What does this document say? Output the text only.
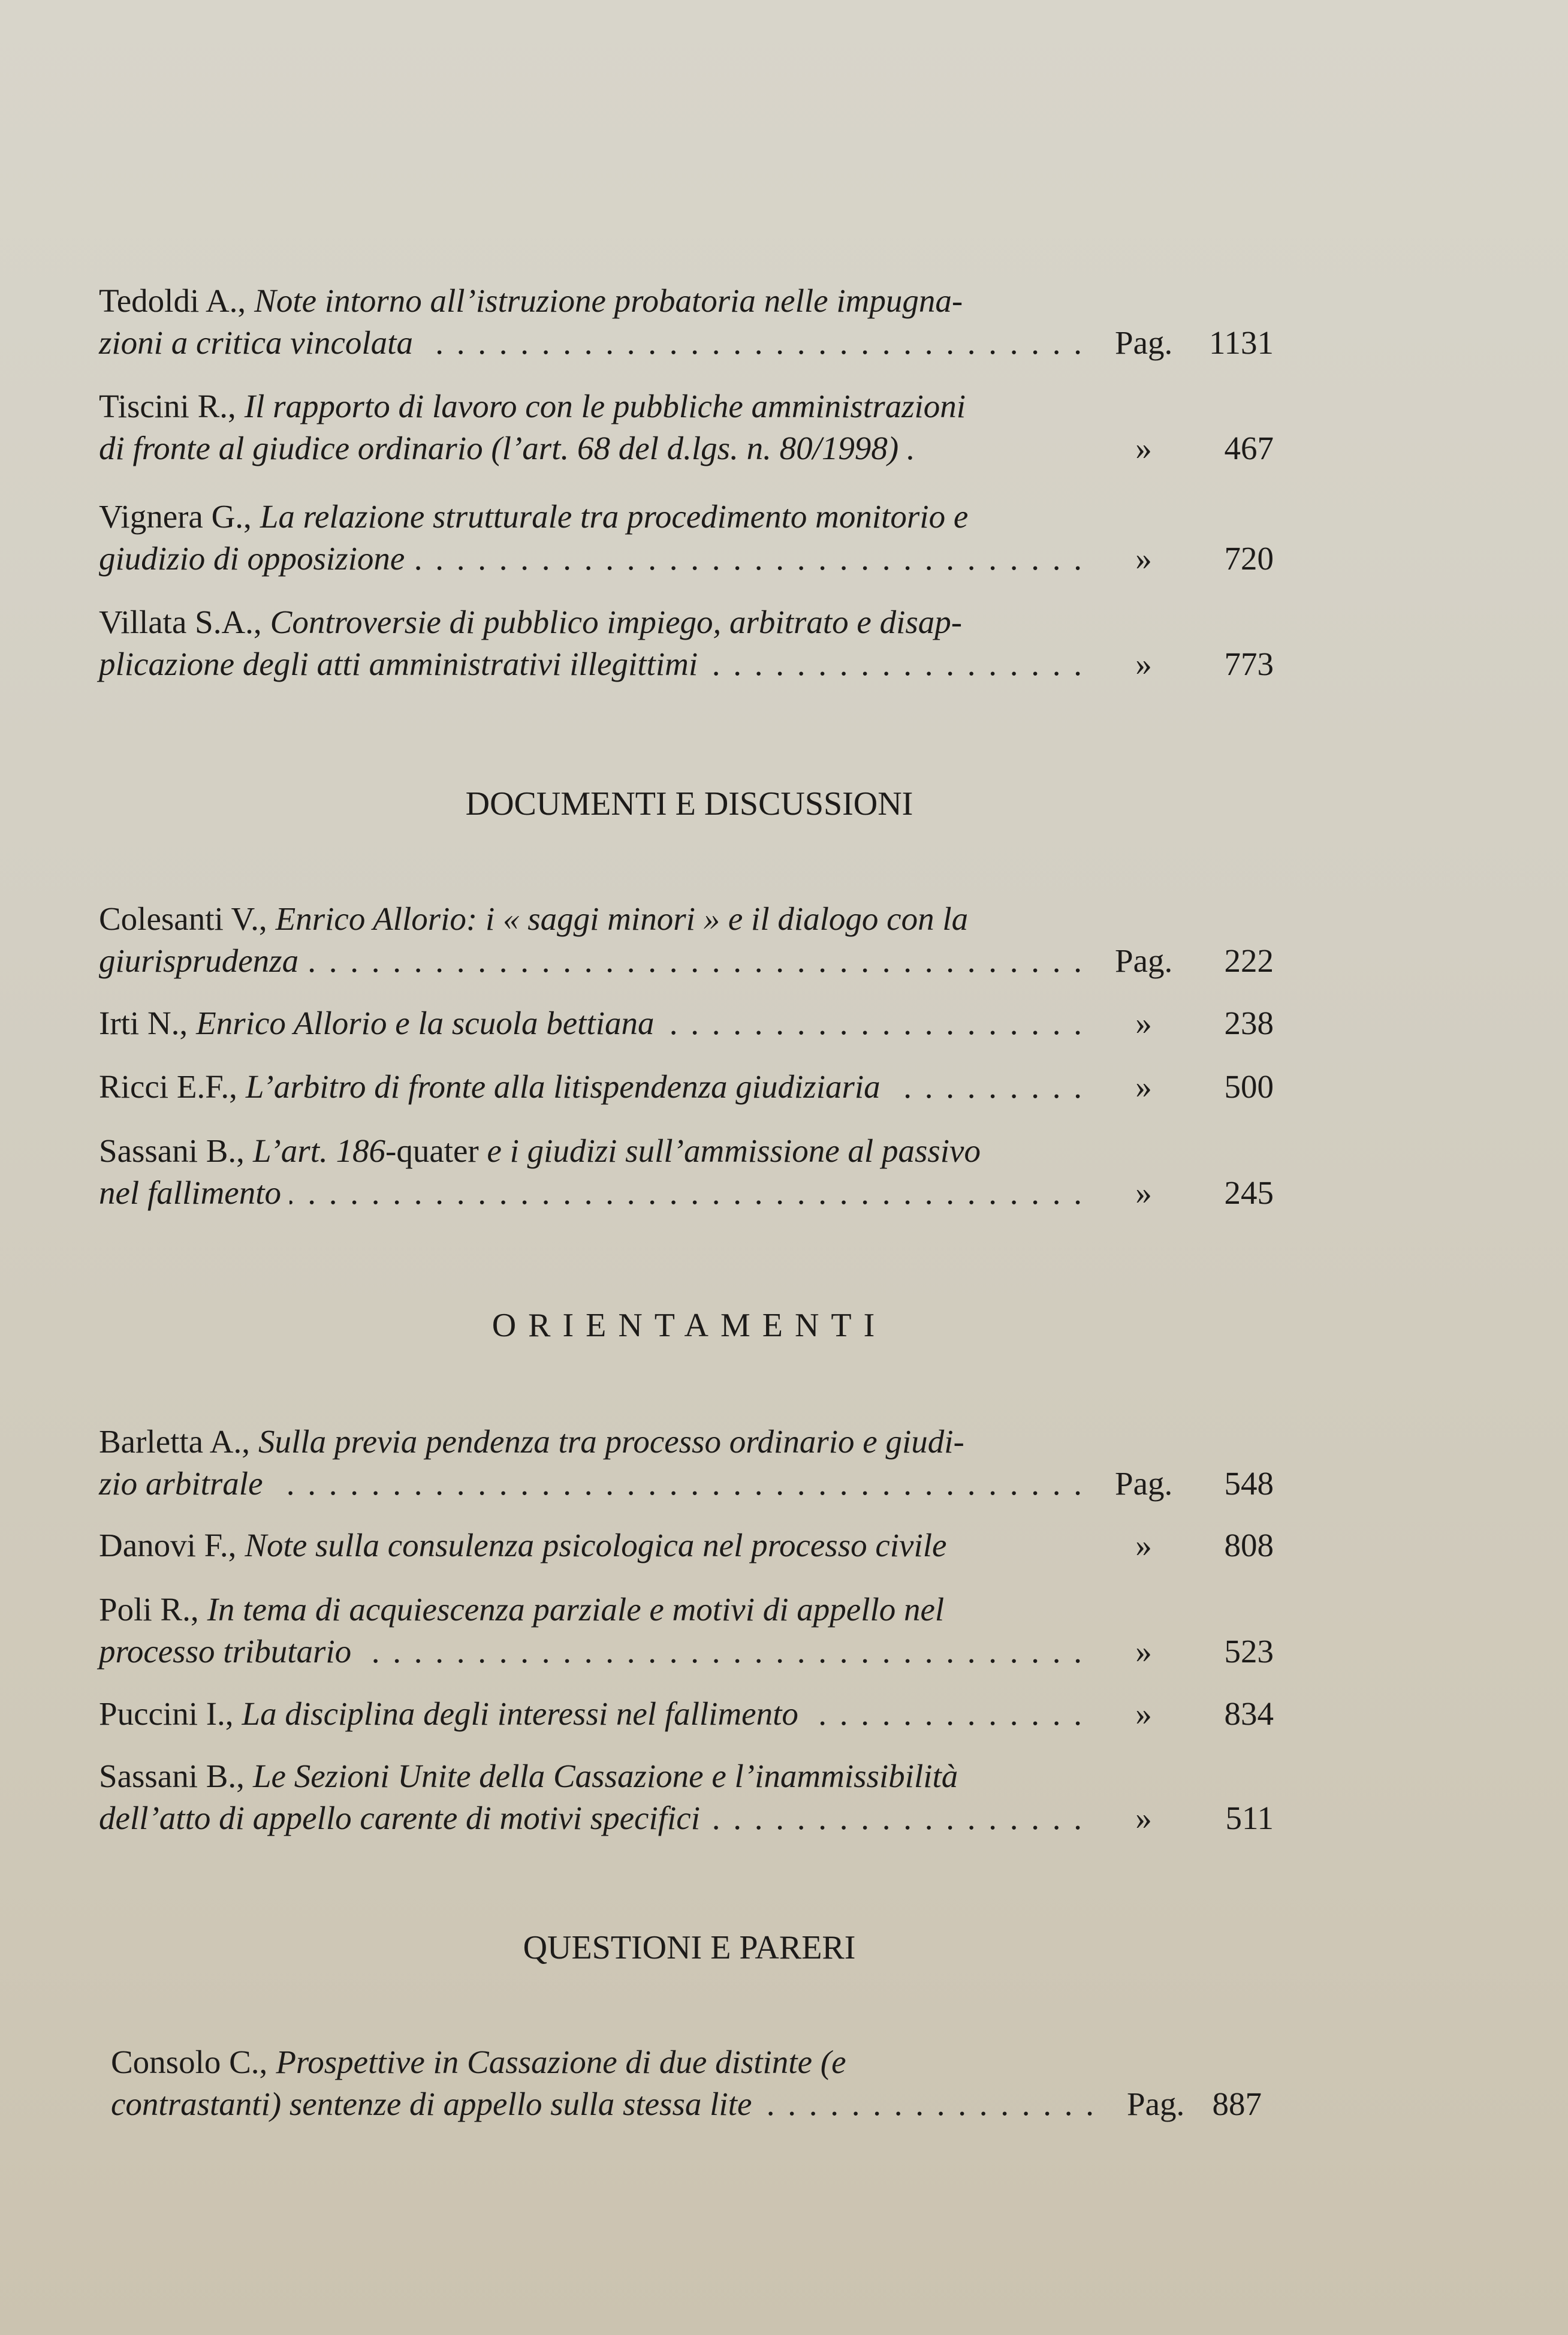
Tedoldi A., Note intorno all’istruzione probatoria nelle impugna-
zioni a critica vincolata . . .	Pag.	1131
Tiscini R., Il rapporto di lavoro con le pubbliche amministrazioni
di fronte al giudice ordinario (l’art. 68 del d.lgs. n. 80/1998) .	»	467
Vignera G., La relazione strutturale tra procedimento monitorio e
giudizio di opposizione . . .	»	720
Villata S.A., Controversie di pubblico impiego, arbitrato e disap-
plicazione degli atti amministrativi illegittimi . . .	»	773
DOCUMENTI E DISCUSSIONI
Colesanti V., Enrico Allorio: i « saggi minori » e il dialogo con la
giurisprudenza . . .	Pag.	222
Irti N., Enrico Allorio e la scuola bettiana . . .	»	238
Ricci E.F., L’arbitro di fronte alla litispendenza giudiziaria . . .	»	500
Sassani B., L’art. 186-quater e i giudizi sull’ammissione al passivo
nel fallimento . . .	»	245
ORIENTAMENTI
Barletta A., Sulla previa pendenza tra processo ordinario e giudi-
zio arbitrale . . .	Pag.	548
Danovi F., Note sulla consulenza psicologica nel processo civile	»	808
Poli R., In tema di acquiescenza parziale e motivi di appello nel
processo tributario . . .	»	523
Puccini I., La disciplina degli interessi nel fallimento . . .	»	834
Sassani B., Le Sezioni Unite della Cassazione e l’inammissibilità
dell’atto di appello carente di motivi specifici . . .	»	511
QUESTIONI E PARERI
Consolo C., Prospettive in Cassazione di due distinte (e
contrastanti) sentenze di appello sulla stessa lite . . .	Pag. 887
